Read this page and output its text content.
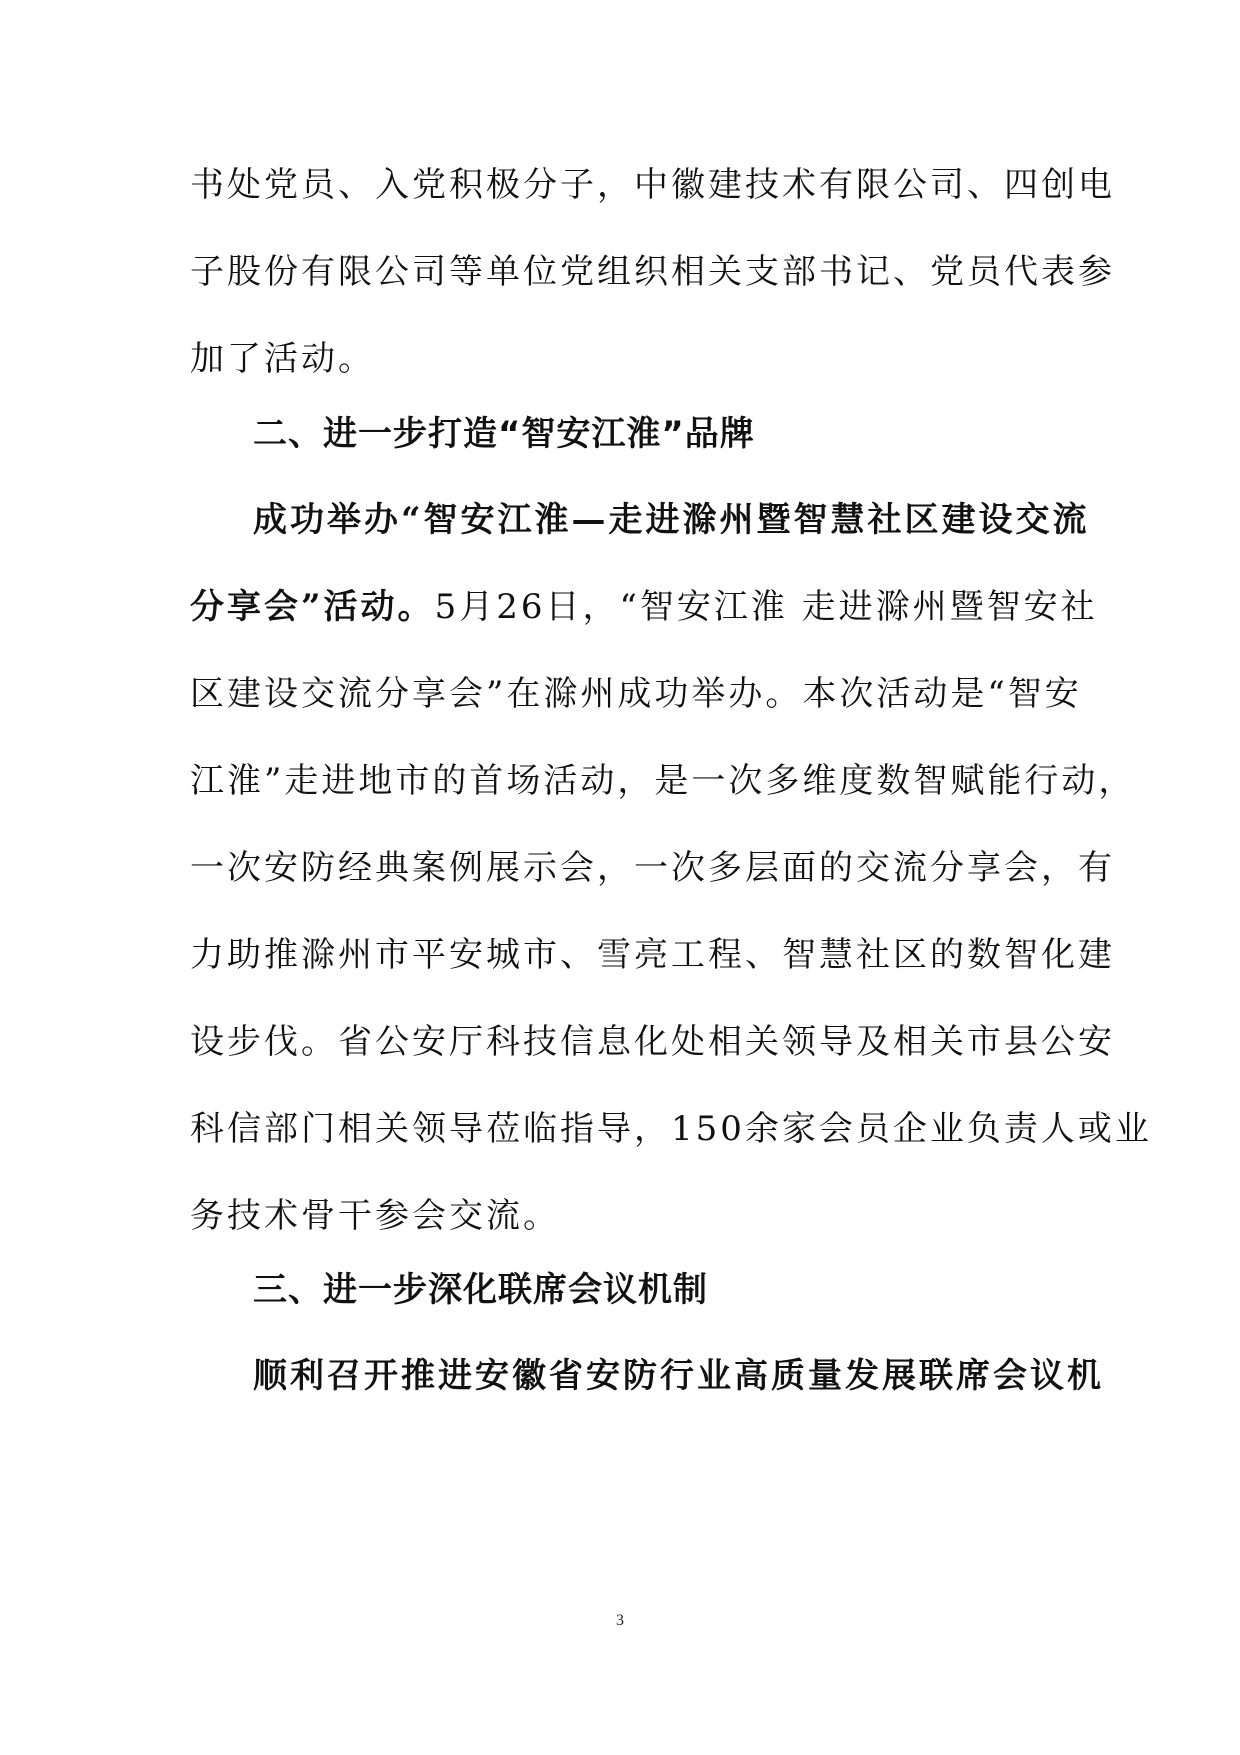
书处党员、入党积极分子，中徽建技术有限公司、四创电
子股份有限公司等单位党组织相关支部书记、党员代表参
加了活动。
二、进一步打造“智安江淮”品牌
成功举办“智安江淮—走进滁州暨智慧社区建设交流
分享会”活动。5月26日，“智安江淮 走进滁州暨智安社
区建设交流分享会”在滁州成功举办。本次活动是“智安
江淮”走进地市的首场活动，是一次多维度数智赋能行动，
一次安防经典案例展示会，一次多层面的交流分享会，有
力助推滁州市平安城市、雪亮工程、智慧社区的数智化建
设步伐。省公安厅科技信息化处相关领导及相关市县公安
科信部门相关领导莅临指导，150余家会员企业负责人或业
务技术骨干参会交流。
三、进一步深化联席会议机制
顺利召开推进安徽省安防行业高质量发展联席会议机
3
